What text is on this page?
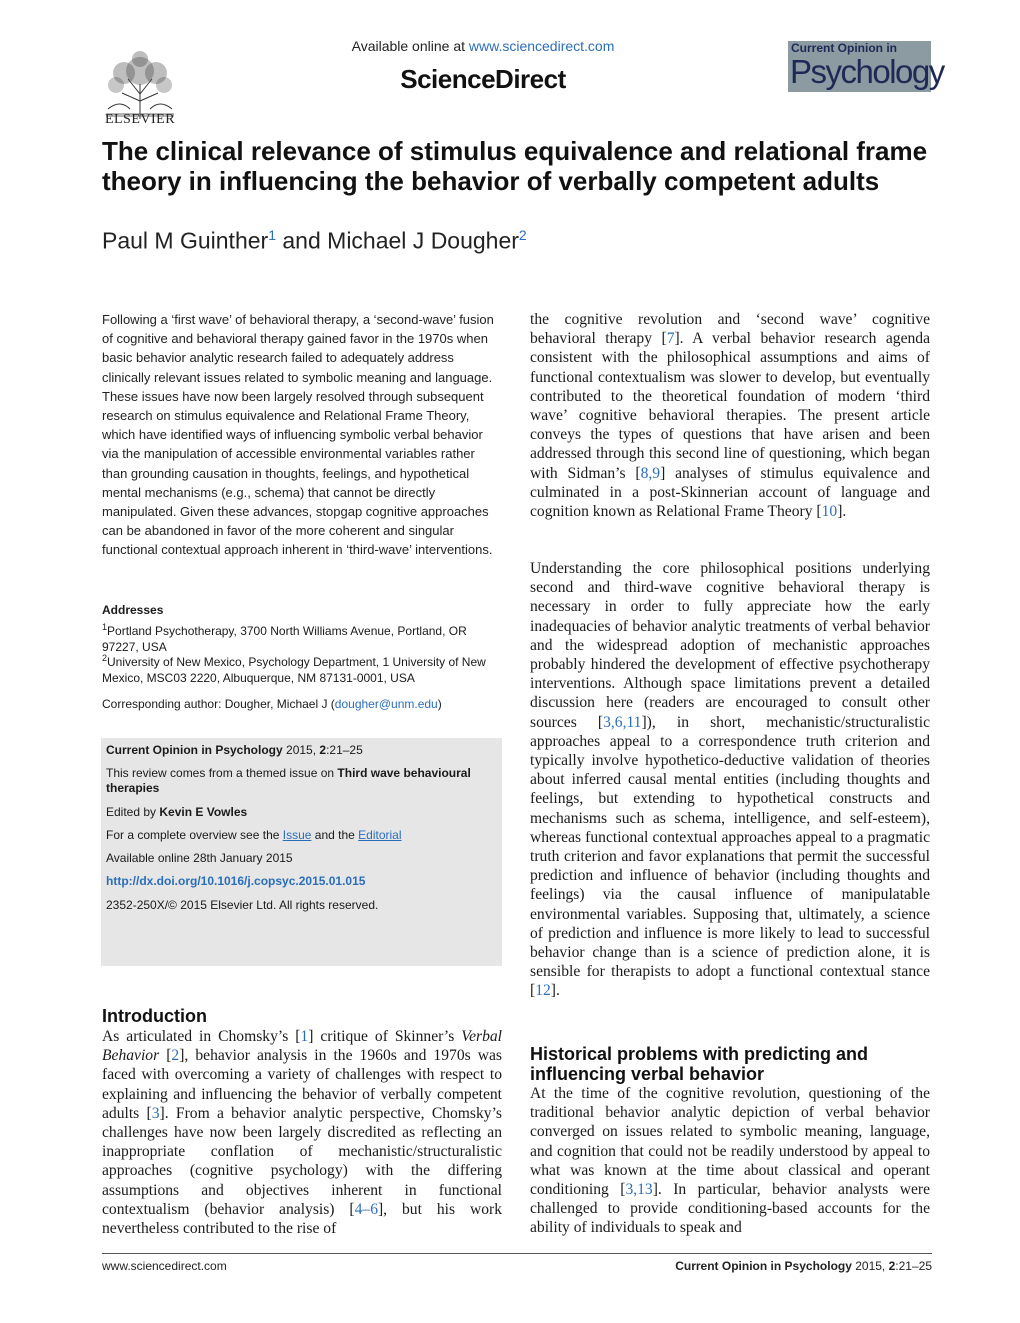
ELSEVIER
Available online at www.sciencedirect.com
ScienceDirect
Current Opinion in
Psychology
The clinical relevance of stimulus equivalence and relational frame theory in influencing the behavior of verbally competent adults
Paul M Guinther$^1$ and Michael J Dougher$^2$

Following a ‘first wave’ of behavioral therapy, a ‘second-wave’ fusion of cognitive and behavioral therapy gained favor in the 1970s when basic behavior analytic research failed to adequately address clinically relevant issues related to symbolic meaning and language. These issues have now been largely resolved through subsequent research on stimulus equivalence and Relational Frame Theory, which have identified ways of influencing symbolic verbal behavior via the manipulation of accessible environmental variables rather than grounding causation in thoughts, feelings, and hypothetical mental mechanisms (e.g., schema) that cannot be directly manipulated. Given these advances, stopgap cognitive approaches can be abandoned in favor of the more coherent and singular functional contextual approach inherent in ‘third-wave’ interventions.

Addresses

$^1$Portland Psychotherapy, 3700 North Williams Avenue, Portland, OR 97227, USA

$^2$University of New Mexico, Psychology Department, 1 University of New Mexico, MSC03 2220, Albuquerque, NM 87131-0001, USA

Corresponding author: Dougher, Michael J (dougher@unm.edu)
Current Opinion in Psychology 2015, 2:21–25
This review comes from a themed issue on Third wave behavioural therapies
Edited by Kevin E Vowles
For a complete overview see the Issue and the Editorial
Available online 28th January 2015
http://dx.doi.org/10.1016/j.copsyc.2015.01.015
2352-250X/© 2015 Elsevier Ltd. All rights reserved.
Introduction

As articulated in Chomsky’s [1] critique of Skinner’s Verbal Behavior [2], behavior analysis in the 1960s and 1970s was faced with overcoming a variety of challenges with respect to explaining and influencing the behavior of verbally competent adults [3]. From a behavior analytic perspective, Chomsky’s challenges have now been largely discredited as reflecting an inappropriate conflation of mechanistic/structuralistic approaches (cognitive psychology) with the differing assumptions and objectives inherent in functional contextualism (behavior analysis) [4–6], but his work nevertheless contributed to the rise of

the cognitive revolution and ‘second wave’ cognitive behavioral therapy [7]. A verbal behavior research agenda consistent with the philosophical assumptions and aims of functional contextualism was slower to develop, but eventually contributed to the theoretical foundation of modern ‘third wave’ cognitive behavioral therapies. The present article conveys the types of questions that have arisen and been addressed through this second line of questioning, which began with Sidman’s [8,9] analyses of stimulus equivalence and culminated in a post-Skinnerian account of language and cognition known as Relational Frame Theory [10].

Understanding the core philosophical positions underlying second and third-wave cognitive behavioral therapy is necessary in order to fully appreciate how the early inadequacies of behavior analytic treatments of verbal behavior and the widespread adoption of mechanistic approaches probably hindered the development of effective psychotherapy interventions. Although space limitations prevent a detailed discussion here (readers are encouraged to consult other sources [3,6,11]), in short, mechanistic/structuralistic approaches appeal to a correspondence truth criterion and typically involve hypothetico-deductive validation of theories about inferred causal mental entities (including thoughts and feelings, but extending to hypothetical constructs and mechanisms such as schema, intelligence, and self-esteem), whereas functional contextual approaches appeal to a pragmatic truth criterion and favor explanations that permit the successful prediction and influence of behavior (including thoughts and feelings) via the causal influence of manipulatable environmental variables. Supposing that, ultimately, a science of prediction and influence is more likely to lead to successful behavior change than is a science of prediction alone, it is sensible for therapists to adopt a functional contextual stance [12].

Historical problems with predicting and influencing verbal behavior

At the time of the cognitive revolution, questioning of the traditional behavior analytic depiction of verbal behavior converged on issues related to symbolic meaning, language, and cognition that could not be readily understood by appeal to what was known at the time about classical and operant conditioning [3,13]. In particular, behavior analysts were challenged to provide conditioning-based accounts for the ability of individuals to speak and

www.sciencedirect.com	Current Opinion in Psychology 2015, 2:21–25
